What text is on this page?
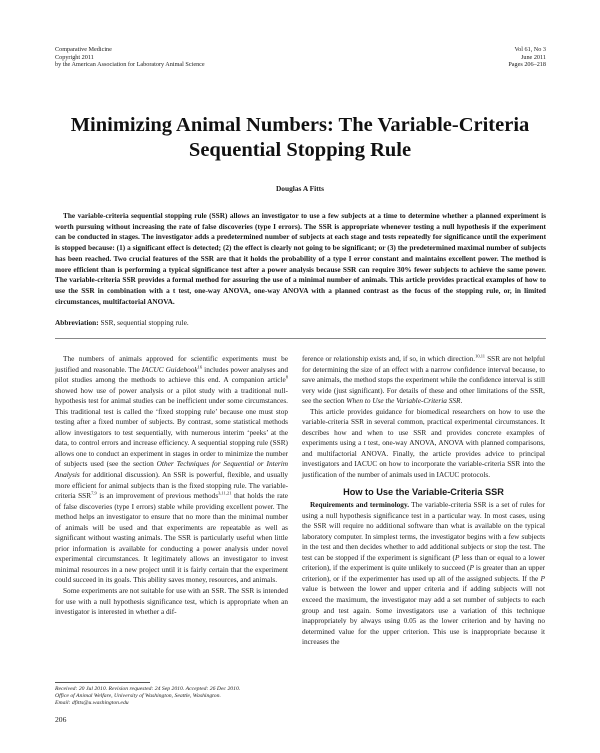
Comparative Medicine
Copyright 2011
by the American Association for Laboratory Animal Science
Vol 61, No 3
June 2011
Pages 206–218
Minimizing Animal Numbers: The Variable-Criteria
Sequential Stopping Rule
Douglas A Fitts
The variable-criteria sequential stopping rule (SSR) allows an investigator to use a few subjects at a time to determine whether a planned experiment is worth pursuing without increasing the rate of false discoveries (type I errors). The SSR is appropriate whenever testing a null hypothesis if the experiment can be conducted in stages. The investigator adds a predetermined number of subjects at each stage and tests repeatedly for significance until the experiment is stopped because: (1) a significant effect is detected; (2) the effect is clearly not going to be significant; or (3) the predetermined maximal number of subjects has been reached. Two crucial features of the SSR are that it holds the probability of a type I error constant and maintains excellent power. The method is more efficient than is performing a typical significance test after a power analysis because SSR can require 30% fewer subjects to achieve the same power. The variable-criteria SSR provides a formal method for assuring the use of a minimal number of animals. This article provides practical examples of how to use the SSR in combination with a t test, one-way ANOVA, one-way ANOVA with a planned contrast as the focus of the stopping rule, or, in limited circumstances, multifactorial ANOVA.
Abbreviation: SSR, sequential stopping rule.

The numbers of animals approved for scientific experiments must be justified and reasonable. The IACUC Guidebook$^{16}$ includes power analyses and pilot studies among the methods to achieve this end. A companion article$^8$ showed how use of power analysis or a pilot study with a traditional null-hypothesis test for animal studies can be inefficient under some circumstances. This traditional test is called the ‘fixed stopping rule’ because one must stop testing after a fixed number of subjects. By contrast, some statistical methods allow investigators to test sequentially, with numerous interim ‘peeks’ at the data, to control errors and increase efficiency. A sequential stopping rule (SSR) allows one to conduct an experiment in stages in order to minimize the number of subjects used (see the section Other Techniques for Sequential or Interim Analysis for additional discussion). An SSR is powerful, flexible, and usually more efficient for animal subjects than is the fixed stopping rule. The variable-criteria SSR$^{7,9}$ is an improvement of previous methods$^{3,11,21}$ that holds the rate of false discoveries (type I errors) stable while providing excellent power. The method helps an investigator to ensure that no more than the minimal number of animals will be used and that experiments are repeatable as well as significant without wasting animals. The SSR is particularly useful when little prior information is available for conducting a power analysis under novel experimental circumstances. It legitimately allows an investigator to invest minimal resources in a new project until it is fairly certain that the experiment could succeed in its goals. This ability saves money, resources, and animals.

Some experiments are not suitable for use with an SSR. The SSR is intended for use with a null hypothesis significance test, which is appropriate when an investigator is interested in whether a dif-

ference or relationship exists and, if so, in which direction.$^{10,11}$ SSR are not helpful for determining the size of an effect with a narrow confidence interval because, to save animals, the method stops the experiment while the confidence interval is still very wide (just significant). For details of these and other limitations of the SSR, see the section When to Use the Variable-Criteria SSR.

This article provides guidance for biomedical researchers on how to use the variable-criteria SSR in several common, practical experimental circumstances. It describes how and when to use SSR and provides concrete examples of experiments using a t test, one-way ANOVA, ANOVA with planned comparisons, and multifactorial ANOVA. Finally, the article provides advice to principal investigators and IACUC on how to incorporate the variable-criteria SSR into the justification of the number of animals used in IACUC protocols.

How to Use the Variable-Criteria SSR

Requirements and terminology. The variable-criteria SSR is a set of rules for using a null hypothesis significance test in a particular way. In most cases, using the SSR will require no additional software than what is available on the typical laboratory computer. In simplest terms, the investigator begins with a few subjects in the test and then decides whether to add additional subjects or stop the test. The test can be stopped if the experiment is significant (P less than or equal to a lower criterion), if the experiment is quite unlikely to succeed (P is greater than an upper criterion), or if the experimenter has used up all of the assigned subjects. If the P value is between the lower and upper criteria and if adding subjects will not exceed the maximum, the investigator may add a set number of subjects to each group and test again. Some investigators use a variation of this technique inappropriately by always using 0.05 as the lower criterion and by having no determined value for the upper criterion. This use is inappropriate because it increases the

Received: 20 Jul 2010. Revision requested: 24 Sep 2010. Accepted: 26 Dec 2010.
Office of Animal Welfare, University of Washington, Seattle, Washington.
Email: dfitts@u.washington.edu
206
